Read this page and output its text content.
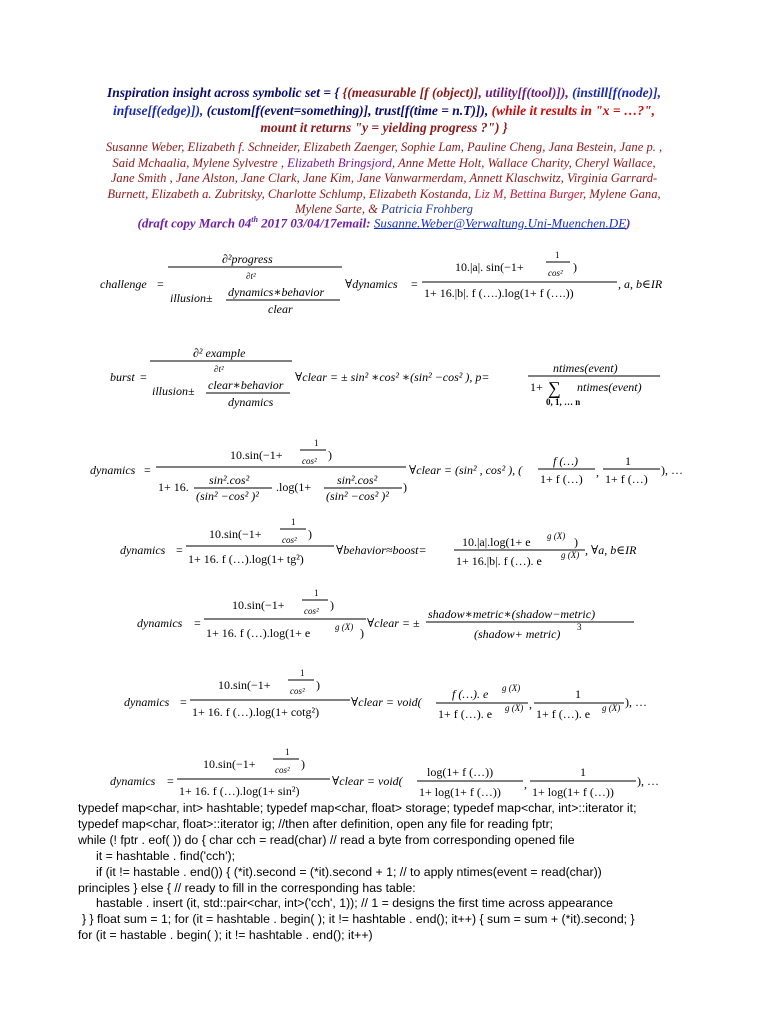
Inspiration insight across symbolic set = { {(measurable [f (object)], utility[f(tool)]), (instill[f(node)],
infuse[f(edge)]), (custom[f(event=something)], trust[f(time = n.T)]), (while it results in "x = …?",
mount it returns "y = yielding progress ?") }
Susanne Weber, Elizabeth f. Schneider, Elizabeth Zaenger, Sophie Lam, Pauline Cheng, Jana Bestein, Jane p. ,
Said Mchaalia, Mylene Sylvestre , Elizabeth Bringsjord, Anne Mette Holt, Wallace Charity, Cheryl Wallace,
Jane Smith , Jane Alston, Jane Clark, Jane Kim, Jane Vanwarmerdam, Annett Klaschwitz, Virginia Garrard-
Burnett, Elizabeth a. Zubritsky, Charlotte Schlump, Elizabeth Kostanda, Liz M, Bettina Burger, Mylene Gana,
Mylene Sarte, & Patricia Frohberg
(draft copy March 04th 2017 03/04/17email: Susanne.Weber@Verwaltung.Uni-Muenchen.DE)
challenge =
∂²progress
∂t²
illusion± dynamics∗behavior
clear
∀dynamics =
10.|a|. sin(−1+
1
cos² )
1+ 16.|b|. f (….).log(1+ f (….))
, a, b∈IR
burst =
∂² example
∂t²
illusion± clear∗behavior
dynamics
∀clear = ± sin² ∗cos² ∗(sin² −cos² ), p=
ntimes(event)
1+ ∑ ntimes(event)
0, 1, … n
dynamics =
10.sin(−1+
1
cos² )
1+ 16. sin².cos²
(sin² −cos² )²
.log(1+ sin².cos²
(sin² −cos² )²
)
∀clear = (sin² , cos² ), (
f (…)
1+ f (…) ,
1
1+ f (…)
), …
dynamics =
10.sin(−1+
1
cos² )
1+ 16. f (…).log(1+ tg²)
∀behavior≈boost=
10.|a|.log(1+ e g (X) )
1+ 16.|b|. f (…). e g (X) , ∀a, b∈IR
dynamics =
10.sin(−1+
1
cos² )
1+ 16. f (…).log(1+ e	g (X) )
∀clear = ±
shadow∗metric∗(shadow−metric)
(shadow+ metric) 3
dynamics =
10.sin(−1+
1
cos² )
1+ 16. f (…).log(1+ cotg²)
∀clear = void(
f (…). e g (X)
1+ f (…). e g (X) ,
1
1+ f (…). e g (X) ), …
dynamics =
10.sin(−1+
1
cos² )
1+ 16. f (…).log(1+ sin²)
∀clear = void(
log(1+ f (…))
1+ log(1+ f (…))
,
1
1+ log(1+ f (…))
), …
typedef map<char, int> hashtable; typedef map<char, float> storage; typedef map<char, int>::iterator it;
typedef map<char, float>::iterator ig; //then after definition, open any file for reading fptr;
while (! fptr . eof( )) do { char cch = read(char) // read a byte from corresponding opened file
it = hashtable . find('cch');
if (it != hastable . end()) { (*it).second = (*it).second + 1; // to apply ntimes(event = read(char))
principles } else { // ready to fill in the corresponding has table:
hastable . insert (it, std::pair<char, int>('cch', 1)); // 1 = designs the first time across appearance
} } float sum = 1; for (it = hashtable . begin( ); it != hashtable . end(); it++) { sum = sum + (*it).second; }
for (it = hastable . begin( ); it != hashtable . end(); it++)
